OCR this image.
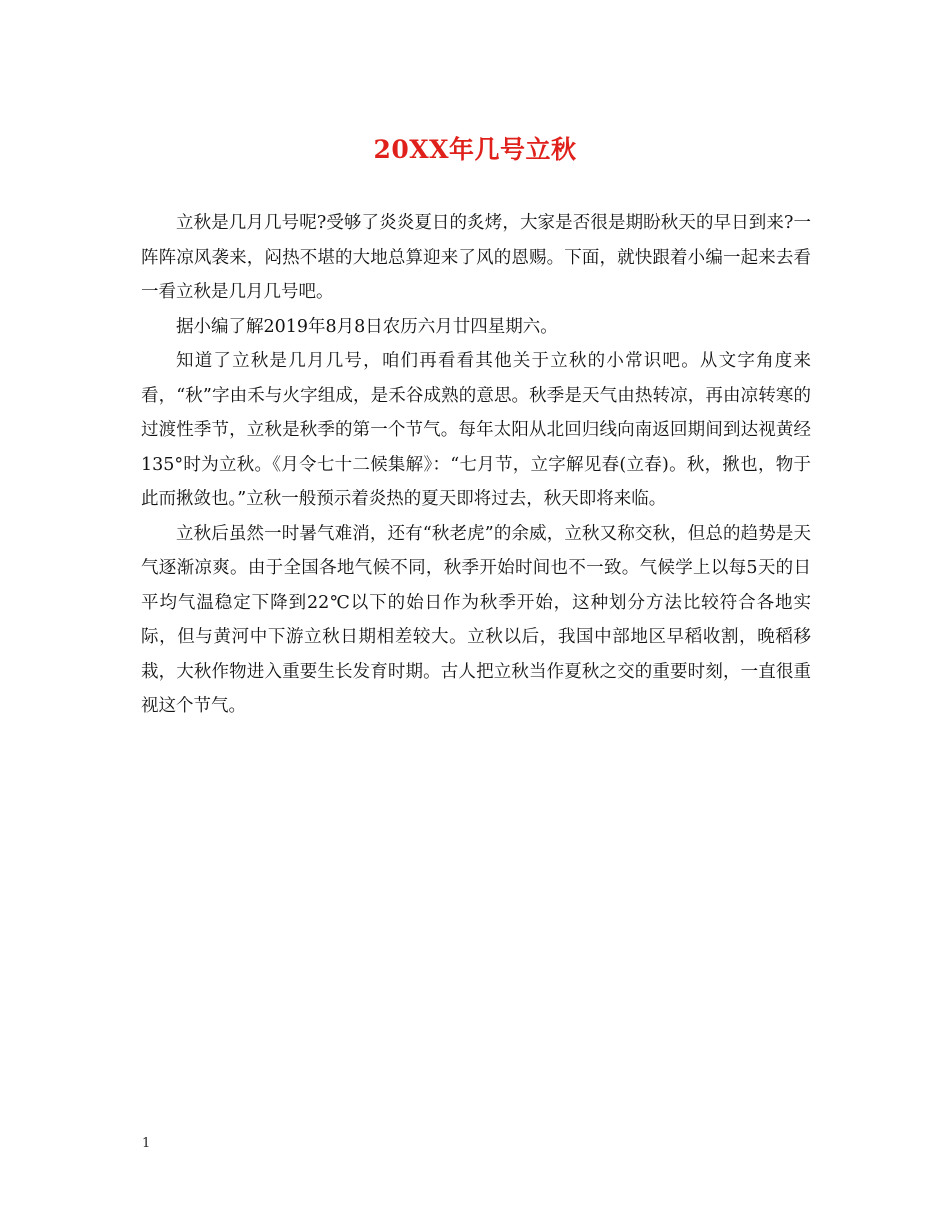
20XX年几号立秋

立秋是几月几号呢?受够了炎炎夏日的炙烤，大家是否很是期盼秋天的早日到来?一阵阵凉风袭来，闷热不堪的大地总算迎来了风的恩赐。下面，就快跟着小编一起来去看一看立秋是几月几号吧。

据小编了解2019年8月8日农历六月廿四星期六。

知道了立秋是几月几号，咱们再看看其他关于立秋的小常识吧。从文字角度来看，“秋”字由禾与火字组成，是禾谷成熟的意思。秋季是天气由热转凉，再由凉转寒的过渡性季节，立秋是秋季的第一个节气。每年太阳从北回归线向南返回期间到达视黄经135°时为立秋。《月令七十二候集解》：“七月节，立字解见春(立春)。秋，揪也，物于此而揪敛也。”立秋一般预示着炎热的夏天即将过去，秋天即将来临。

立秋后虽然一时暑气难消，还有“秋老虎”的余威，立秋又称交秋，但总的趋势是天气逐渐凉爽。由于全国各地气候不同，秋季开始时间也不一致。气候学上以每5天的日平均气温稳定下降到22℃以下的始日作为秋季开始，这种划分方法比较符合各地实际，但与黄河中下游立秋日期相差较大。立秋以后，我国中部地区早稻收割，晚稻移栽，大秋作物进入重要生长发育时期。古人把立秋当作夏秋之交的重要时刻，一直很重视这个节气。

1
